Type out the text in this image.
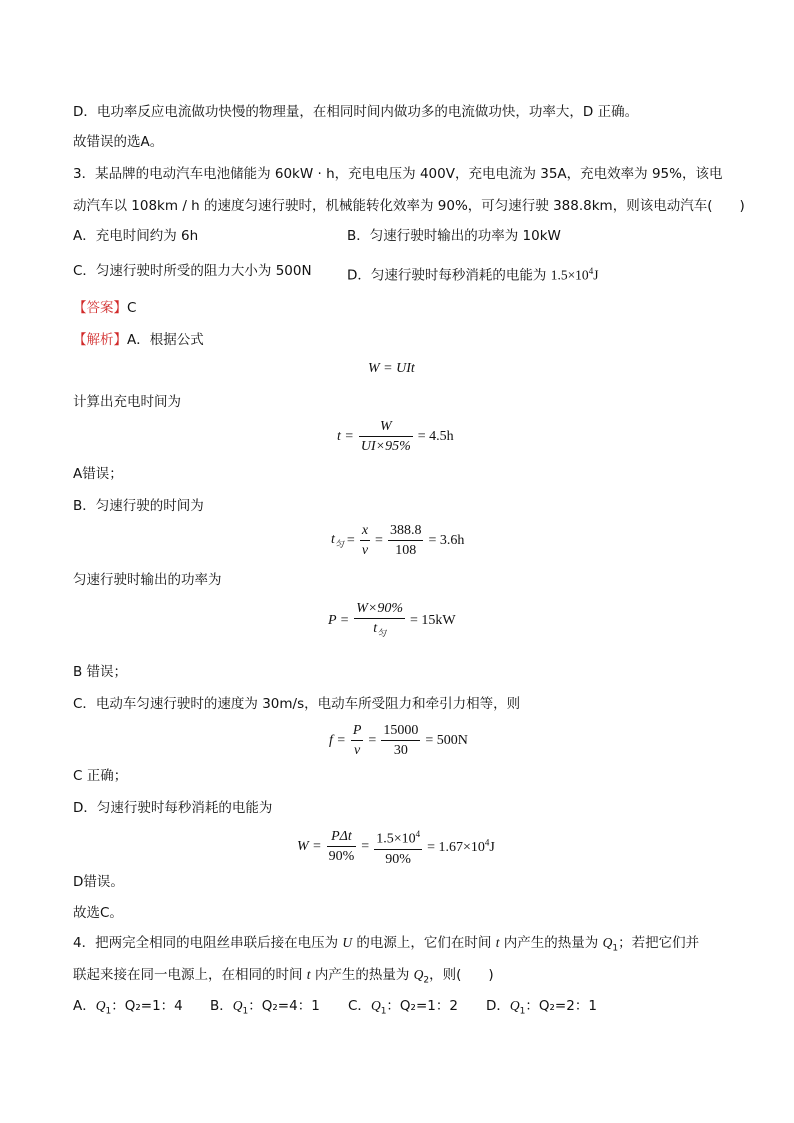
D．电功率反应电流做功快慢的物理量，在相同时间内做功多的电流做功快，功率大，D 正确。
故错误的选A。
3．某品牌的电动汽车电池储能为 60kW · h，充电电压为 400V，充电电流为 35A，充电效率为 95%，该电
动汽车以 108km / h 的速度匀速行驶时，机械能转化效率为 90%，可匀速行驶 388.8km，则该电动汽车(　　)
A．充电时间约为 6h	B．匀速行驶时输出的功率为 10kW
C．匀速行驶时所受的阻力大小为 500N	D．匀速行驶时每秒消耗的电能为 $1.5\times 10^4J$
【答案】C
【解析】A．根据公式
W = UIt
计算出充电时间为
$t = \frac{W}{UI\times 95\%} = 4.5h$
A错误；
B．匀速行驶的时间为
$t_匀 = \frac{x}{v} = \frac{388.8}{108} = 3.6h$
匀速行驶时输出的功率为
$P = \frac{W\times 90\%}{t_匀} = 15kW$
B 错误；
C．电动车匀速行驶时的速度为 30m/s，电动车所受阻力和牵引力相等，则
$f = \frac{P}{v} = \frac{15000}{30} = 500N$
C 正确；
D．匀速行驶时每秒消耗的电能为
$W = \frac{\text{PΔt}}{90\%} = \frac{1.5\times 10^4}{90\%} = 1.67\times 10^4J$
D错误。
故选C。
4．把两完全相同的电阻丝串联后接在电压为 U 的电源上，它们在时间 t 内产生的热量为 $Q_1$；若把它们并
联起来接在同一电源上，在相同的时间 t 内产生的热量为 $Q_2$，则(　　)
A．$Q_1$：Q₂=1：4 B．$Q_1$：Q₂=4：1 C．$Q_1$：Q₂=1：2 D．$Q_1$：Q₂=2：1
